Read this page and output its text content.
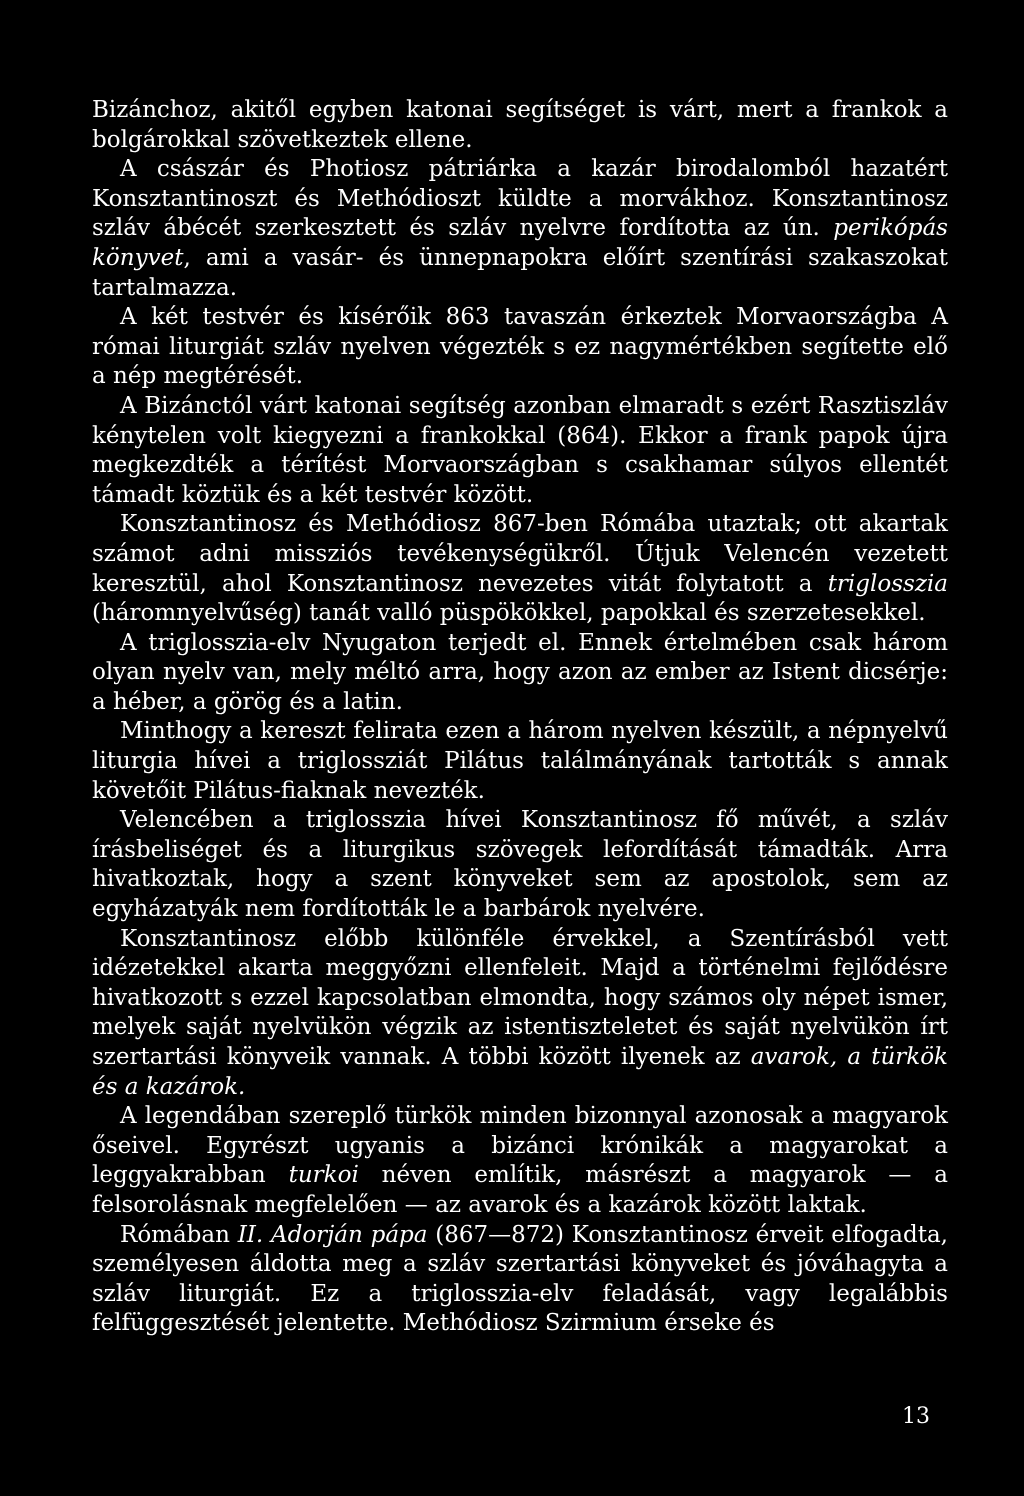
Bizánchoz, akitől egyben katonai segítséget is várt, mert a frankok a bolgárokkal szövetkeztek ellene.

A császár és Photiosz pátriárka a kazár birodalomból hazatért Konsztantinoszt és Methódioszt küldte a morvákhoz. Konsztantinosz szláv ábécét szerkesztett és szláv nyelvre fordította az ún. perikópás könyvet, ami a vasár- és ünnepnapokra előírt szentírási szakaszokat tartalmazza.

A két testvér és kísérőik 863 tavaszán érkeztek Morvaországba A római liturgiát szláv nyelven végezték s ez nagymértékben segítette elő a nép megtérését.

A Bizánctól várt katonai segítség azonban elmaradt s ezért Rasztiszláv kénytelen volt kiegyezni a frankokkal (864). Ekkor a frank papok újra megkezdték a térítést Morvaországban s csakhamar súlyos ellentét támadt köztük és a két testvér között.

Konsztantinosz és Methódiosz 867-ben Rómába utaztak; ott akartak számot adni missziós tevékenységükről. Útjuk Velencén vezetett keresztül, ahol Konsztantinosz nevezetes vitát folytatott a triglosszia (háromnyelvűség) tanát valló püspökökkel, papokkal és szerzetesekkel.

A triglosszia-elv Nyugaton terjedt el. Ennek értelmében csak három olyan nyelv van, mely méltó arra, hogy azon az ember az Istent dicsérje: a héber, a görög és a latin.

Minthogy a kereszt felirata ezen a három nyelven készült, a népnyelvű liturgia hívei a triglossziát Pilátus találmányának tartották s annak követőit Pilátus-fiaknak nevezték.

Velencében a triglosszia hívei Konsztantinosz fő művét, a szláv írásbeliséget és a liturgikus szövegek lefordítását támadták. Arra hivatkoztak, hogy a szent könyveket sem az apostolok, sem az egyházatyák nem fordították le a barbárok nyelvére.

Konsztantinosz előbb különféle érvekkel, a Szentírásból vett idézetekkel akarta meggyőzni ellenfeleit. Majd a történelmi fejlődésre hivatkozott s ezzel kapcsolatban elmondta, hogy számos oly népet ismer, melyek saját nyelvükön végzik az istentiszteletet és saját nyelvükön írt szertartási könyveik vannak. A többi között ilyenek az avarok, a türkök és a kazárok.

A legendában szereplő türkök minden bizonnyal azonosak a magyarok őseivel. Egyrészt ugyanis a bizánci krónikák a magyarokat a leggyakrabban turkoi néven említik, másrészt a magyarok — a felsorolásnak megfelelően — az avarok és a kazárok között laktak.

Rómában II. Adorján pápa (867—872) Konsztantinosz érveit elfogadta, személyesen áldotta meg a szláv szertartási könyveket és jóváhagyta a szláv liturgiát. Ez a triglosszia-elv feladását, vagy legalábbis felfüggesztését jelentette. Methódiosz Szirmium érseke és

13
